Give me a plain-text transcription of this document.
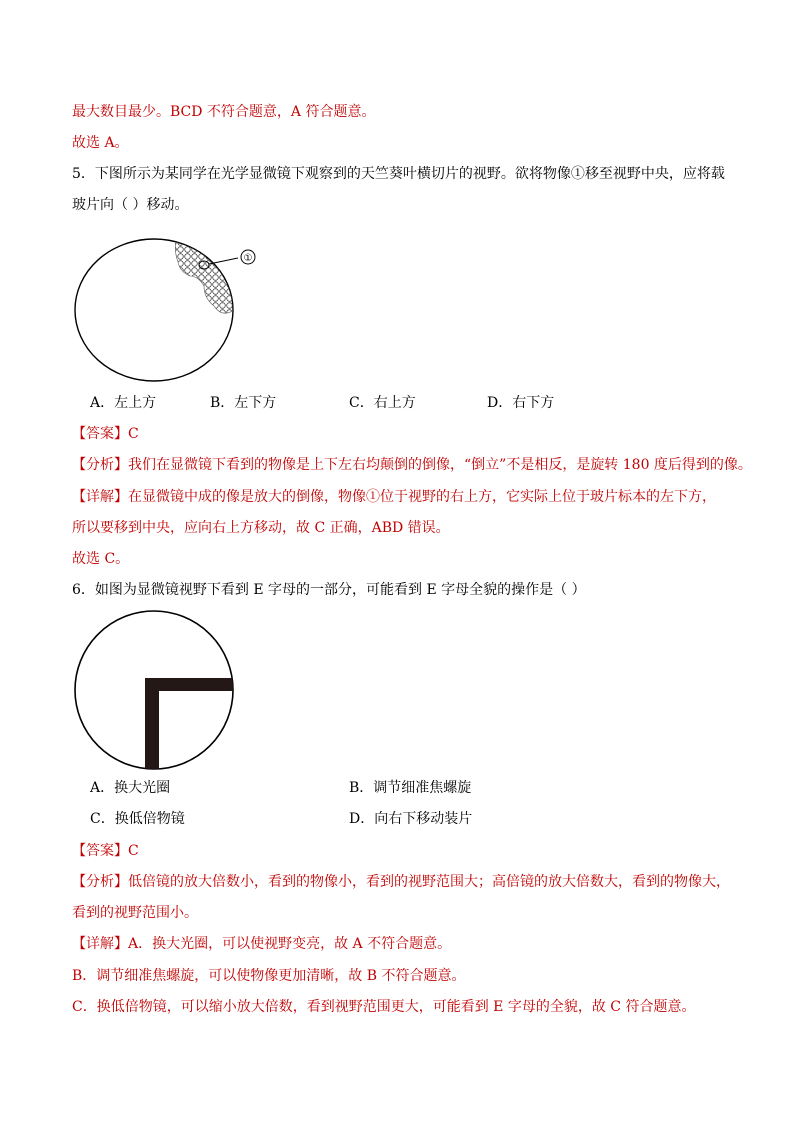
最大数目最少。BCD 不符合题意，A 符合题意。
故选 A。
5．下图所示为某同学在光学显微镜下观察到的天竺葵叶横切片的视野。欲将物像①移至视野中央，应将载
玻片向（ ）移动。
①
A．左上方	B．左下方	C．右上方	D．右下方
【答案】C
【分析】我们在显微镜下看到的物像是上下左右均颠倒的倒像，“倒立”不是相反，是旋转 180 度后得到的像。
【详解】在显微镜中成的像是放大的倒像，物像①位于视野的右上方，它实际上位于玻片标本的左下方，
所以要移到中央，应向右上方移动，故 C 正确，ABD 错误。
故选 C。
6．如图为显微镜视野下看到 E 字母的一部分，可能看到 E 字母全貌的操作是（ ）
A．换大光圈	B．调节细准焦螺旋
C．换低倍物镜	D．向右下移动装片
【答案】C
【分析】低倍镜的放大倍数小，看到的物像小，看到的视野范围大；高倍镜的放大倍数大，看到的物像大，
看到的视野范围小。
【详解】A．换大光圈，可以使视野变亮，故 A 不符合题意。
B．调节细准焦螺旋，可以使物像更加清晰，故 B 不符合题意。
C．换低倍物镜，可以缩小放大倍数，看到视野范围更大，可能看到 E 字母的全貌，故 C 符合题意。
